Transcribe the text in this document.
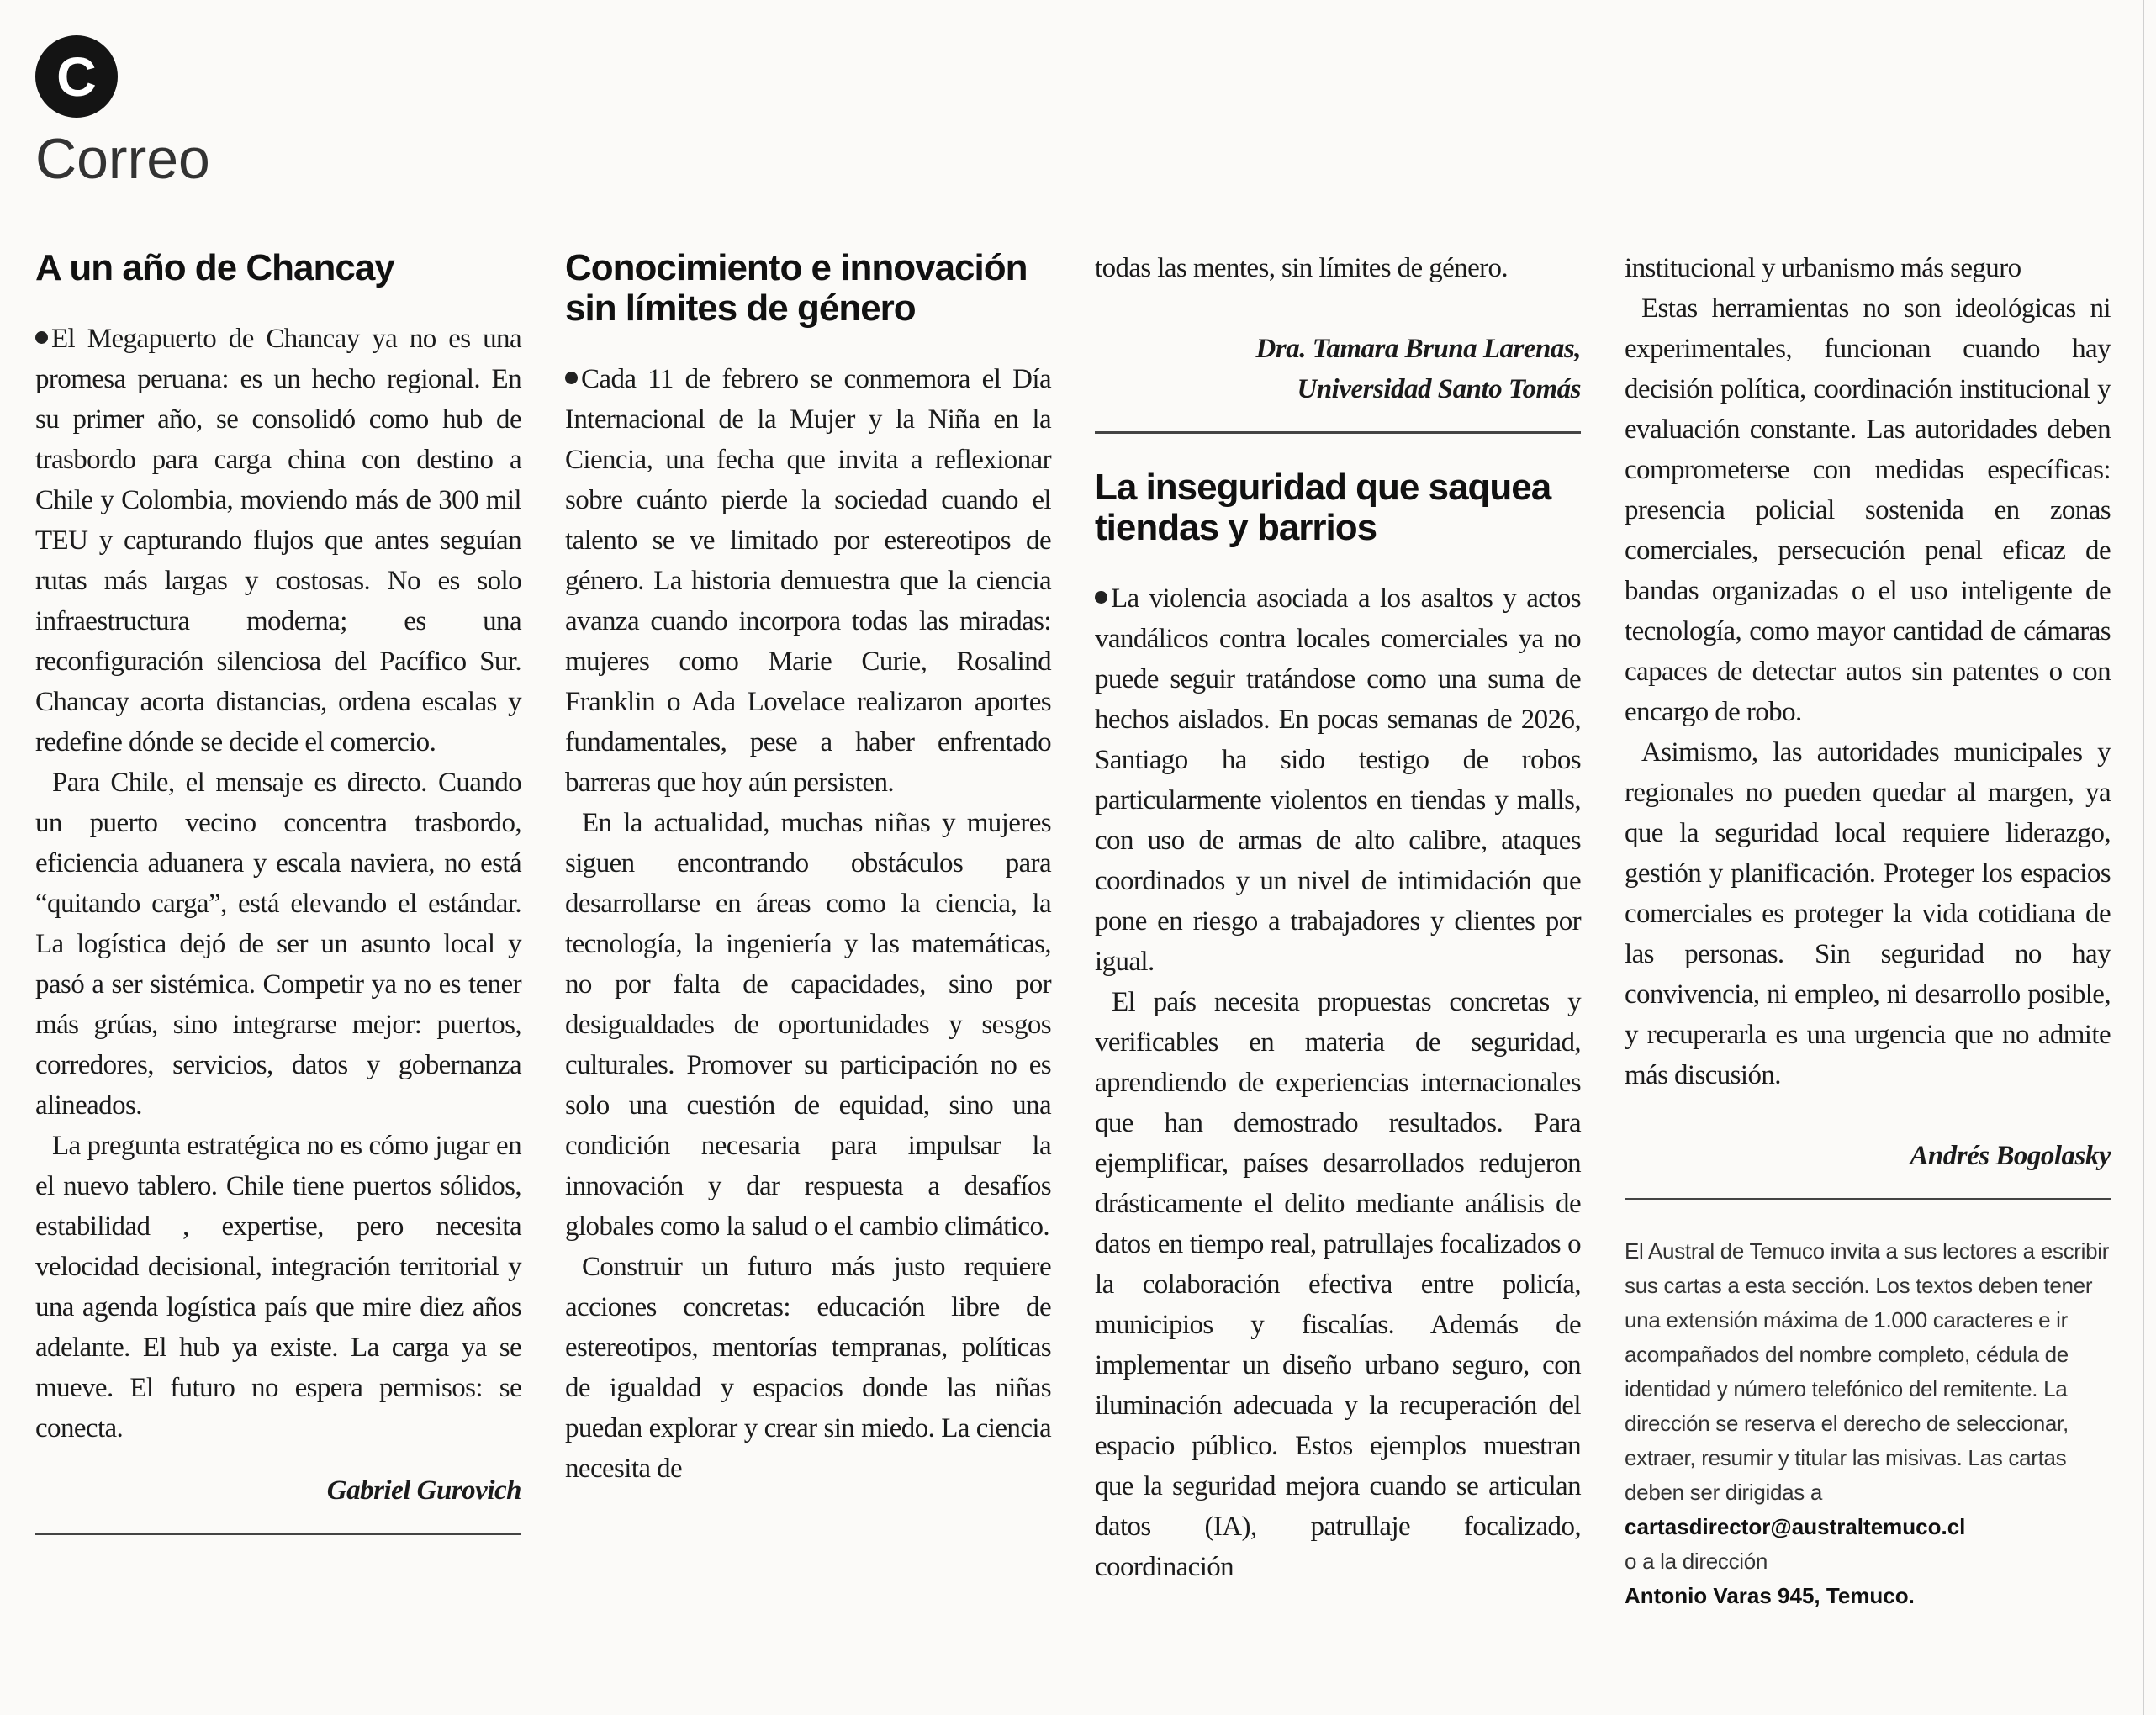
C
Correo
A un año de Chancay

El Megapuerto de Chancay ya no es una promesa peruana: es un hecho regional. En su primer año, se consolidó como hub de trasbordo para carga china con destino a Chile y Colombia, moviendo más de 300 mil TEU y capturando flujos que antes seguían rutas más largas y costosas. No es solo infraestructura moderna; es una reconfiguración silenciosa del Pacífico Sur. Chancay acorta distancias, ordena escalas y redefine dónde se decide el comercio.

Para Chile, el mensaje es directo. Cuando un puerto vecino concentra trasbordo, eficiencia aduanera y escala naviera, no está “quitando carga”, está elevando el estándar. La logística dejó de ser un asunto local y pasó a ser sistémica. Competir ya no es tener más grúas, sino integrarse mejor: puertos, corredores, servicios, datos y gobernanza alineados.

La pregunta estratégica no es cómo jugar en el nuevo tablero. Chile tiene puertos sólidos, estabilidad , expertise, pero necesita velocidad decisional, integración territorial y una agenda logística país que mire diez años adelante. El hub ya existe. La carga ya se mueve. El futuro no espera permisos: se conecta.

Gabriel Gurovich
Conocimiento e innovación sin límites de género

Cada 11 de febrero se conmemora el Día Internacional de la Mujer y la Niña en la Ciencia, una fecha que invita a reflexionar sobre cuánto pierde la sociedad cuando el talento se ve limitado por estereotipos de género. La historia demuestra que la ciencia avanza cuando incorpora todas las miradas: mujeres como Marie Curie, Rosalind Franklin o Ada Lovelace realizaron aportes fundamentales, pese a haber enfrentado barreras que hoy aún persisten.

En la actualidad, muchas niñas y mujeres siguen encontrando obstáculos para desarrollarse en áreas como la ciencia, la tecnología, la ingeniería y las matemáticas, no por falta de capacidades, sino por desigualdades de oportunidades y sesgos culturales. Promover su participación no es solo una cuestión de equidad, sino una condición necesaria para impulsar la innovación y dar respuesta a desafíos globales como la salud o el cambio climático.

Construir un futuro más justo requiere acciones concretas: educación libre de estereotipos, mentorías tempranas, políticas de igualdad y espacios donde las niñas puedan explorar y crear sin miedo. La ciencia necesita de

todas las mentes, sin límites de género.

Dra. Tamara Bruna Larenas,
Universidad Santo Tomás
La inseguridad que saquea tiendas y barrios

La violencia asociada a los asaltos y actos vandálicos contra locales comerciales ya no puede seguir tratándose como una suma de hechos aislados. En pocas semanas de 2026, Santiago ha sido testigo de robos particularmente violentos en tiendas y malls, con uso de armas de alto calibre, ataques coordinados y un nivel de intimidación que pone en riesgo a trabajadores y clientes por igual.

El país necesita propuestas concretas y verificables en materia de seguridad, aprendiendo de experiencias internacionales que han demostrado resultados. Para ejemplificar, países desarrollados redujeron drásticamente el delito mediante análisis de datos en tiempo real, patrullajes focalizados o la colaboración efectiva entre policía, municipios y fiscalías. Además de implementar un diseño urbano seguro, con iluminación adecuada y la recuperación del espacio público. Estos ejemplos muestran que la seguridad mejora cuando se articulan datos (IA), patrullaje focalizado, coordinación

institucional y urbanismo más seguro

Estas herramientas no son ideológicas ni experimentales, funcionan cuando hay decisión política, coordinación institucional y evaluación constante. Las autoridades deben comprometerse con medidas específicas: presencia policial sostenida en zonas comerciales, persecución penal eficaz de bandas organizadas o el uso inteligente de tecnología, como mayor cantidad de cámaras capaces de detectar autos sin patentes o con encargo de robo.

Asimismo, las autoridades municipales y regionales no pueden quedar al margen, ya que la seguridad local requiere liderazgo, gestión y planificación. Proteger los espacios comerciales es proteger la vida cotidiana de las personas. Sin seguridad no hay convivencia, ni empleo, ni desarrollo posible, y recuperarla es una urgencia que no admite más discusión.

Andrés Bogolasky

El Austral de Temuco invita a sus lectores a escribir sus cartas a esta sección. Los textos deben tener una extensión máxima de 1.000 caracteres e ir acompañados del nombre completo, cédula de identidad y número telefónico del remitente. La dirección se reserva el derecho de seleccionar, extraer, resumir y titular las misivas. Las cartas deben ser dirigidas a

cartasdirector@australtemuco.cl
o a la dirección
Antonio Varas 945, Temuco.
